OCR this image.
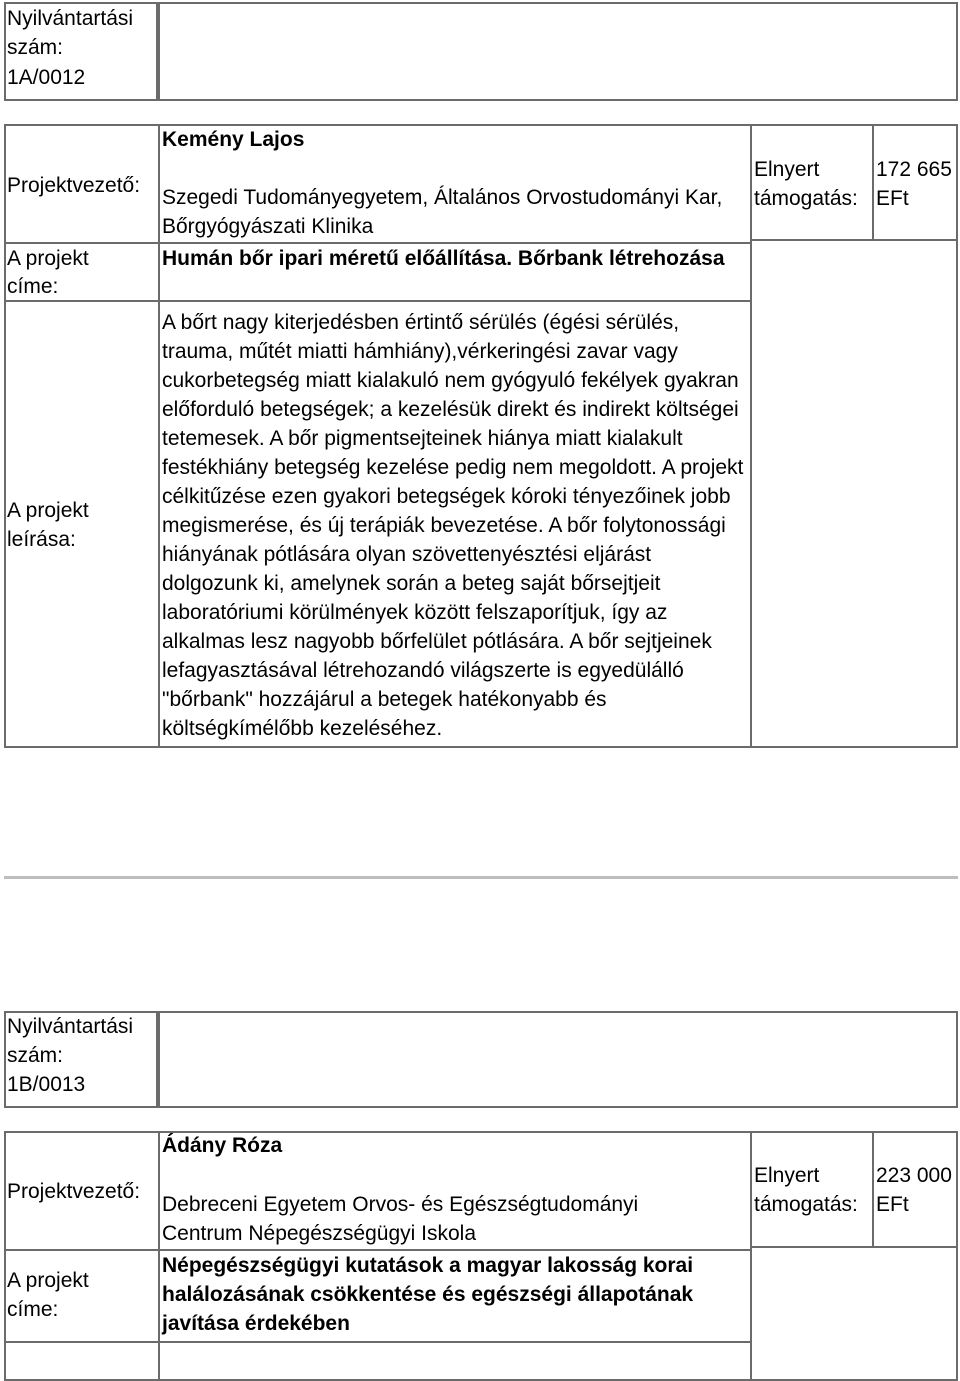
Nyilvántartási
szám:
1A/0012
Projektvezető:
Kemény Lajos
Szegedi Tudományegyetem, Általános Orvostudományi Kar, Bőrgyógyászati Klinika
A projekt
címe:
Humán bőr ipari méretű előállítása. Bőrbank létrehozása
A projekt
leírása:
A bőrt nagy kiterjedésben értintő sérülés (égési sérülés, trauma, műtét miatti hámhiány),vérkeringési zavar vagy cukorbetegség miatt kialakuló nem gyógyuló fekélyek gyakran előforduló betegségek; a kezelésük direkt és indirekt költségei tetemesek. A bőr pigmentsejteinek hiánya miatt kialakult festékhiány betegség kezelése pedig nem megoldott. A projekt célkitűzése ezen gyakori betegségek kóroki tényezőinek jobb megismerése, és új terápiák bevezetése. A bőr folytonossági hiányának pótlására olyan szövettenyésztési eljárást dolgozunk ki, amelynek során a beteg saját bőrsejtjeit laboratóriumi körülmények között felszaporítjuk, így az alkalmas lesz nagyobb bőrfelület pótlására. A bőr sejtjeinek lefagyasztásával létrehozandó világszerte is egyedülálló "bőrbank" hozzájárul a betegek hatékonyabb és költségkímélőbb kezeléséhez.
Elnyert
támogatás:
172 665
EFt
Nyilvántartási
szám:
1B/0013
Projektvezető:
Ádány Róza
Debreceni Egyetem Orvos- és Egészségtudományi Centrum Népegészségügyi Iskola
A projekt
címe:
Népegészségügyi kutatások a magyar lakosság korai halálozásának csökkentése és egészségi állapotának javítása érdekében
Elnyert
támogatás:
223 000
EFt
